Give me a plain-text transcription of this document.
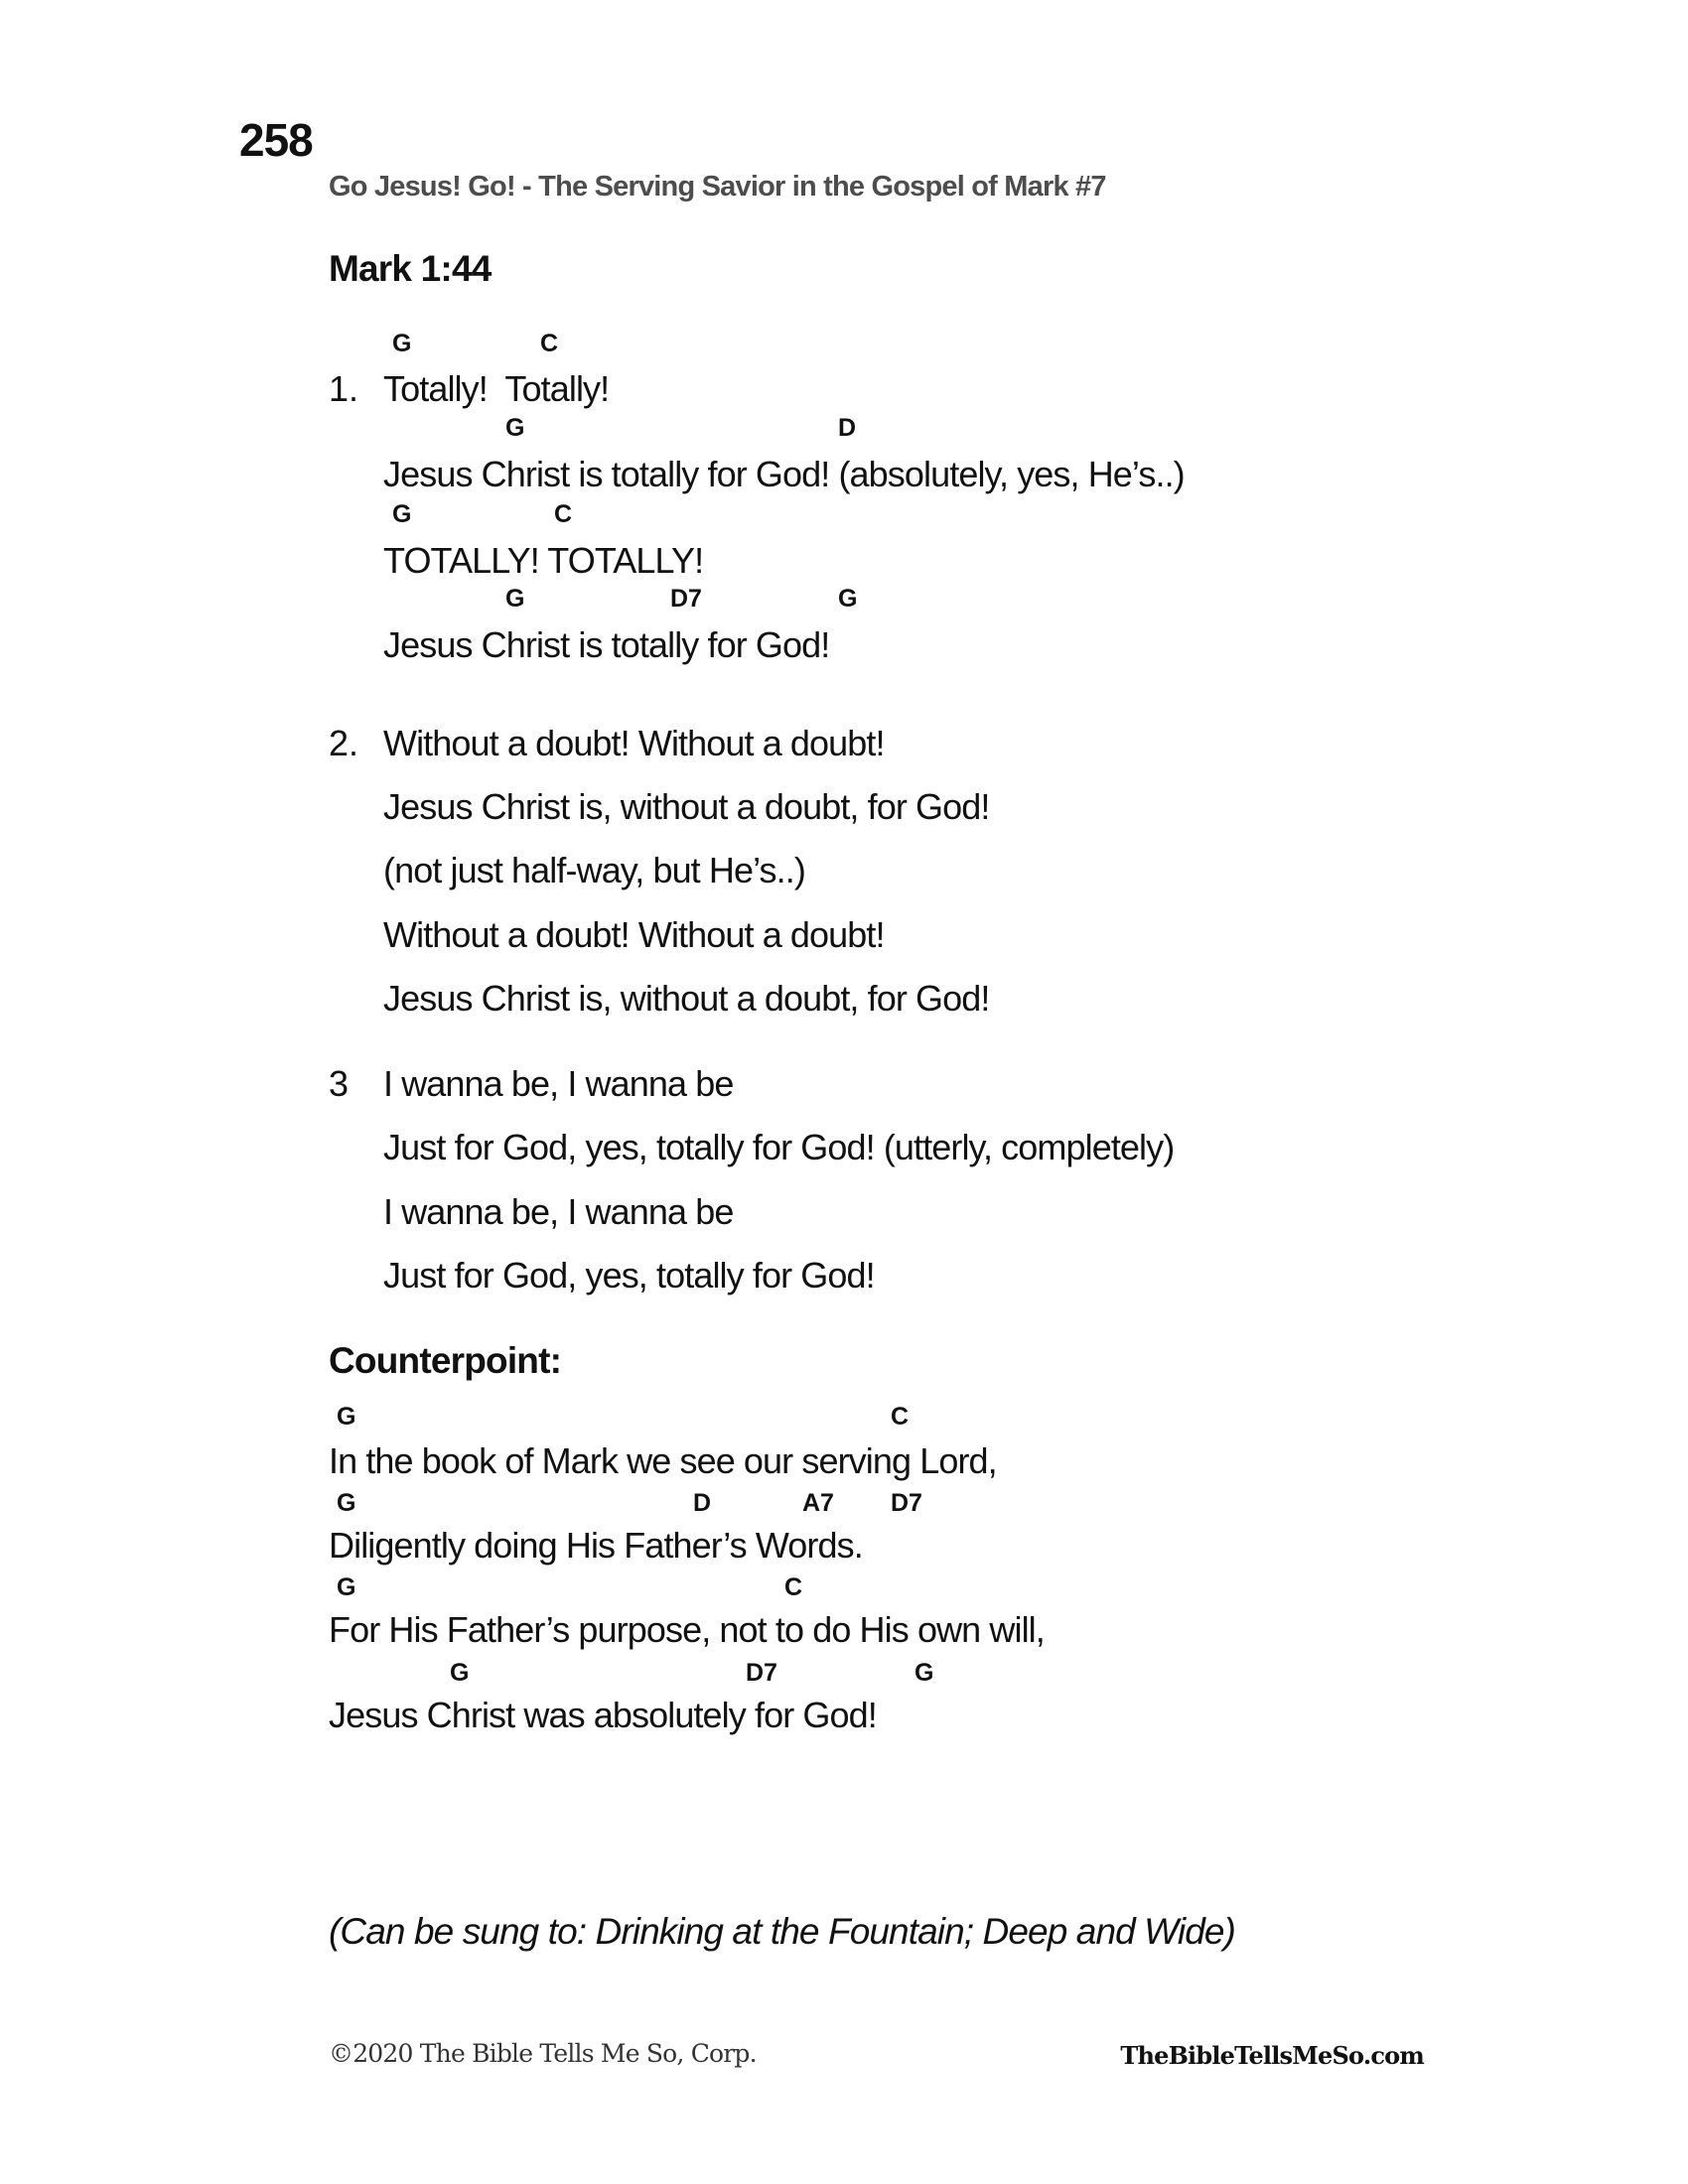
258
Go Jesus! Go! - The Serving Savior in the Gospel of Mark #7
Mark 1:44
1. Totally!  Totally!
G	C
Jesus Christ is totally for God! (absolutely, yes, He’s..)
G	D
TOTALLY! TOTALLY!
G	C
Jesus Christ is totally for God!
G	D7	G
2. Without a doubt! Without a doubt!
Jesus Christ is, without a doubt, for God!
(not just half-way, but He’s..)
Without a doubt! Without a doubt!
Jesus Christ is, without a doubt, for God!
3 I wanna be, I wanna be
Just for God, yes, totally for God! (utterly, completely)
I wanna be, I wanna be
Just for God, yes, totally for God!
Counterpoint:
In the book of Mark we see our serving Lord,
G	C
Diligently doing His Father’s Words.
G	D	A7 D7
For His Father’s purpose, not to do His own will,
G	C
Jesus Christ was absolutely for God!
G	D7	G
(Can be sung to: Drinking at the Fountain; Deep and Wide)
©2020 The Bible Tells Me So, Corp.	TheBibleTellsMeSo.com
